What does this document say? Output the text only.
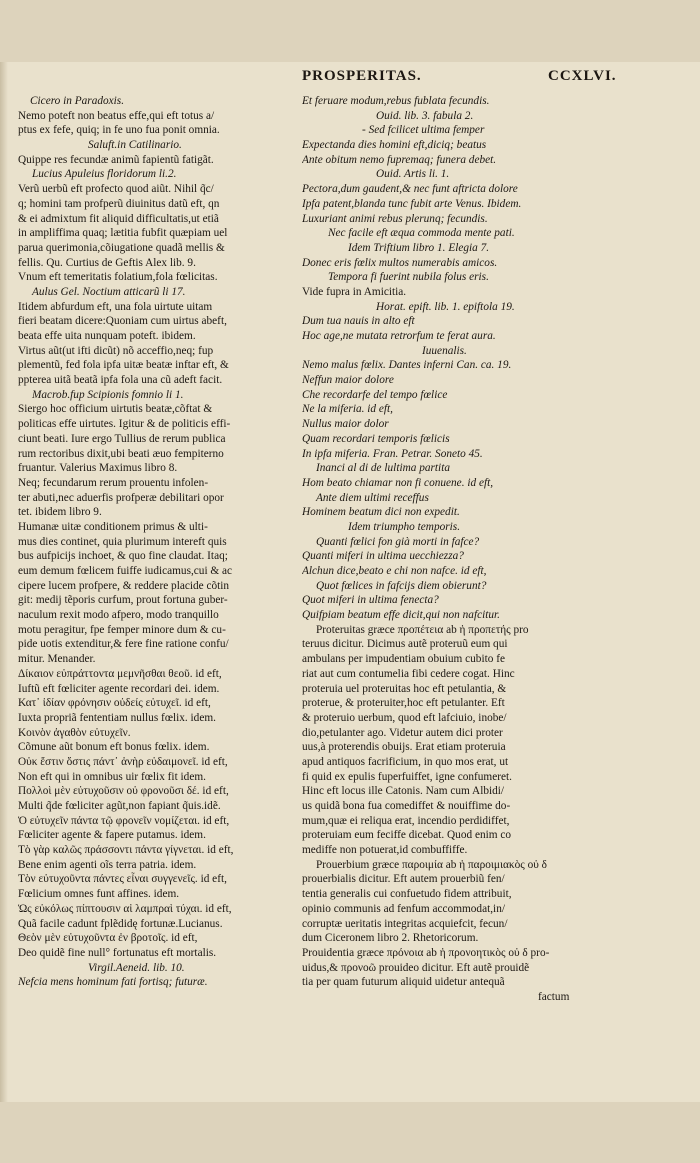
PROSPERITAS.	CCXLVI.
Cicero in Paradoxis.
Nemo poteft non beatus effe,qui eft totus a/
ptus ex fefe, quiq; in fe uno fua ponit omnia.
Saluft.in Catilinario.
Quippe res fecundæ animũ fapientũ fatigãt.
Lucius Apuleius floridorum li.2.
Verũ uerbũ eft profecto quod aiũt. Nihil q̃c/
q; homini tam profperũ diuinitus datũ eft, qn
& ei admixtum fit aliquid difficultatis,ut etiã
in ampliffima quaq; lætitia fubfit quæpiam uel
parua querimonia,cõiugatione quadã mellis &
fellis. Qu. Curtius de Geftis Alex lib. 9.
Vnum eft temeritatis folatium,fola fœlicitas.
Aulus Gel. Noctium atticarũ li 17.
Itidem abfurdum eft, una fola uirtute uitam
fieri beatam dicere:Quoniam cum uirtus abeft,
beata effe uita nunquam poteft. ibidem.
Virtus aũt(ut ifti dicũt) nõ acceffio,neq; fup
plementũ, fed fola ipfa uitæ beatæ inftar eft, &
ppterea uitã beatã ipfa fola una cũ adeft facit.
Macrob.fup Scipionis fomnio li 1.
Siergo hoc officium uirtutis beatæ,cõftat &
politicas effe uirtutes. Igitur & de politicis effi-
ciunt beati. Iure ergo Tullius de rerum publica
rum rectoribus dixit,ubi beati æuo fempiterno
fruantur. Valerius Maximus libro 8.
Neq; fecundarum rerum prouentu infolen-
ter abuti,nec aduerfis profperæ debilitari opor
tet. ibidem libro 9.
Humanæ uitæ conditionem primus & ulti-
mus dies continet, quia plurimum intereft quis
bus aufpicijs inchoet, & quo fine claudat. Itaq;
eum demum fœlicem fuiffe iudicamus,cui & ac
cipere lucem profpere, & reddere placide cõtin
git: medij tẽporis curfum, prout fortuna guber-
naculum rexit modo afpero, modo tranquillo
motu peragitur, fpe femper minore dum & cu-
pide uotis extenditur,& fere fine ratione confu/
mitur. Menander.
Δίκαιον εὐπράττοντα μεμνῆσθαι θεοῦ. id eft,
Iuftũ eft fœliciter agente recordari dei. idem.
Κατ᾽ ἰδίαν φρόνησιν οὐδείς εὐτυχεῖ. id eft,
Iuxta propriã fententiam nullus fœlix. idem.
Κοινὸν ἀγαθὸν εὐτυχεῖν.
Cõmune aũt bonum eft bonus fœlix. idem.
Οὐκ ἔστιν ὅστις πάντ᾽ ἀνὴρ εὐδαιμονεῖ. id eft,
Non eft qui in omnibus uir fœlix fit idem.
Πολλοὶ μὲν εὐτυχοῦσιν οὐ φρονοῦσι δέ. id eft,
Multi q̃de fœliciter agũt,non fapiant q̃uis.idẽ.
Ὁ εὐτυχεῖν πάντα τῷ φρονεῖν νομίζεται. id eft,
Fœliciter agente & fapere putamus. idem.
Τὸ γὰρ καλῶς πράσσοντι πάντα γίγνεται. id eft,
Bene enim agenti oĩs terra patria. idem.
Τὸν εὐτυχοῦντα πάντες εἶναι συγγενεῖς. id eft,
Fœlicium omnes funt affines. idem.
Ὡς εὐκόλως πίπτουσιν αἱ λαμπραὶ τύχαι. id eft,
Quã facile cadunt fplẽdidę fortunæ.Lucianus.
Θεὸν μὲν εὐτυχοῦντα ἐν βροτοῖς. id eft,
Deo quidẽ fine null° fortunatus eft mortalis.
Virgil.Aeneid. lib. 10.
Nefcia mens hominum fati fortisq; futuræ.
Et feruare modum,rebus fublata fecundis.
Ouid. lib. 3. fabula 2.
- Sed fcilicet ultima femper
Expectanda dies homini eft,diciq; beatus
Ante obitum nemo fupremaq; funera debet.
Ouid. Artis li. 1.
Pectora,dum gaudent,& nec funt aftricta dolore
Ipfa patent,blanda tunc fubit arte Venus. Ibidem.
Luxuriant animi rebus plerunq; fecundis.
Nec facile eft æqua commoda mente pati.
Idem Triftium libro 1. Elegia 7.
Donec eris fœlix multos numerabis amicos.
Tempora fi fuerint nubila folus eris.
Vide fupra in Amicitia.
Horat. epift. lib. 1. epiftola 19.
Dum tua nauis in alto eft
Hoc age,ne mutata retrorfum te ferat aura.
Iuuenalis.
Nemo malus fœlix. Dantes inferni Can. ca. 19.
Neffun maior dolore
Che recordarfe del tempo fœlice
Ne la miferia. id eft,
Nullus maior dolor
Quam recordari temporis fœlicis
In ipfa miferia. Fran. Petrar. Soneto 45.
Inanci al di de lultima partita
Hom beato chiamar non fi conuene. id eft,
Ante diem ultimi receffus
Hominem beatum dici non expedit.
Idem triumpho temporis.
Quanti fœlici fon già morti in fafce?
Quanti miferi in ultima uecchiezza?
Alchun dice,beato e chi non nafce. id eft,
Quot fœlices in fafcijs diem obierunt?
Quot miferi in ultima fenecta?
Quifpiam beatum effe dicit,qui non nafcitur.
Proteruitas græce προπέτεια ab ἡ προπετής pro
teruus dicitur. Dicimus autẽ proteruũ eum qui
ambulans per impudentiam obuium cubito fe
riat aut cum contumelia fibi cedere cogat. Hinc
proteruia uel proteruitas hoc eft petulantia, &
proterue, & proteruiter,hoc eft petulanter. Eft
& proteruio uerbum, quod eft lafciuio, inobe/
dio,petulanter ago. Videtur autem dici proter
uus,à proterendis obuijs. Erat etiam proteruia
apud antiquos facrificium, in quo mos erat, ut
fi quid ex epulis fuperfuiffet, igne confumeret.
Hinc eft locus ille Catonis. Nam cum Albidi/
us quidã bona fua comediffet & nouiffime do-
mum,quæ ei reliqua erat, incendio perdidiffet,
proteruiam eum feciffe dicebat. Quod enim co
mediffe non potuerat,id combuffiffe.
Prouerbium græce παροιμία ab ἡ παροιμιακὸς οὐ δ
prouerbialis dicitur. Eft autem prouerbiũ fen/
tentia generalis cui confuetudo fidem attribuit,
opinio communis ad fenfum accommodat,in/
corruptæ ueritatis integritas acquiefcit, fecun/
dum Ciceronem libro 2. Rhetoricorum.
Prouidentia græce πρόνοια ab ἡ προνοητικὸς οὐ δ pro-
uidus,& προνοῶ prouideo dicitur. Eft autẽ prouidẽ
tia per quam futurum aliquid uidetur antequã
factum
